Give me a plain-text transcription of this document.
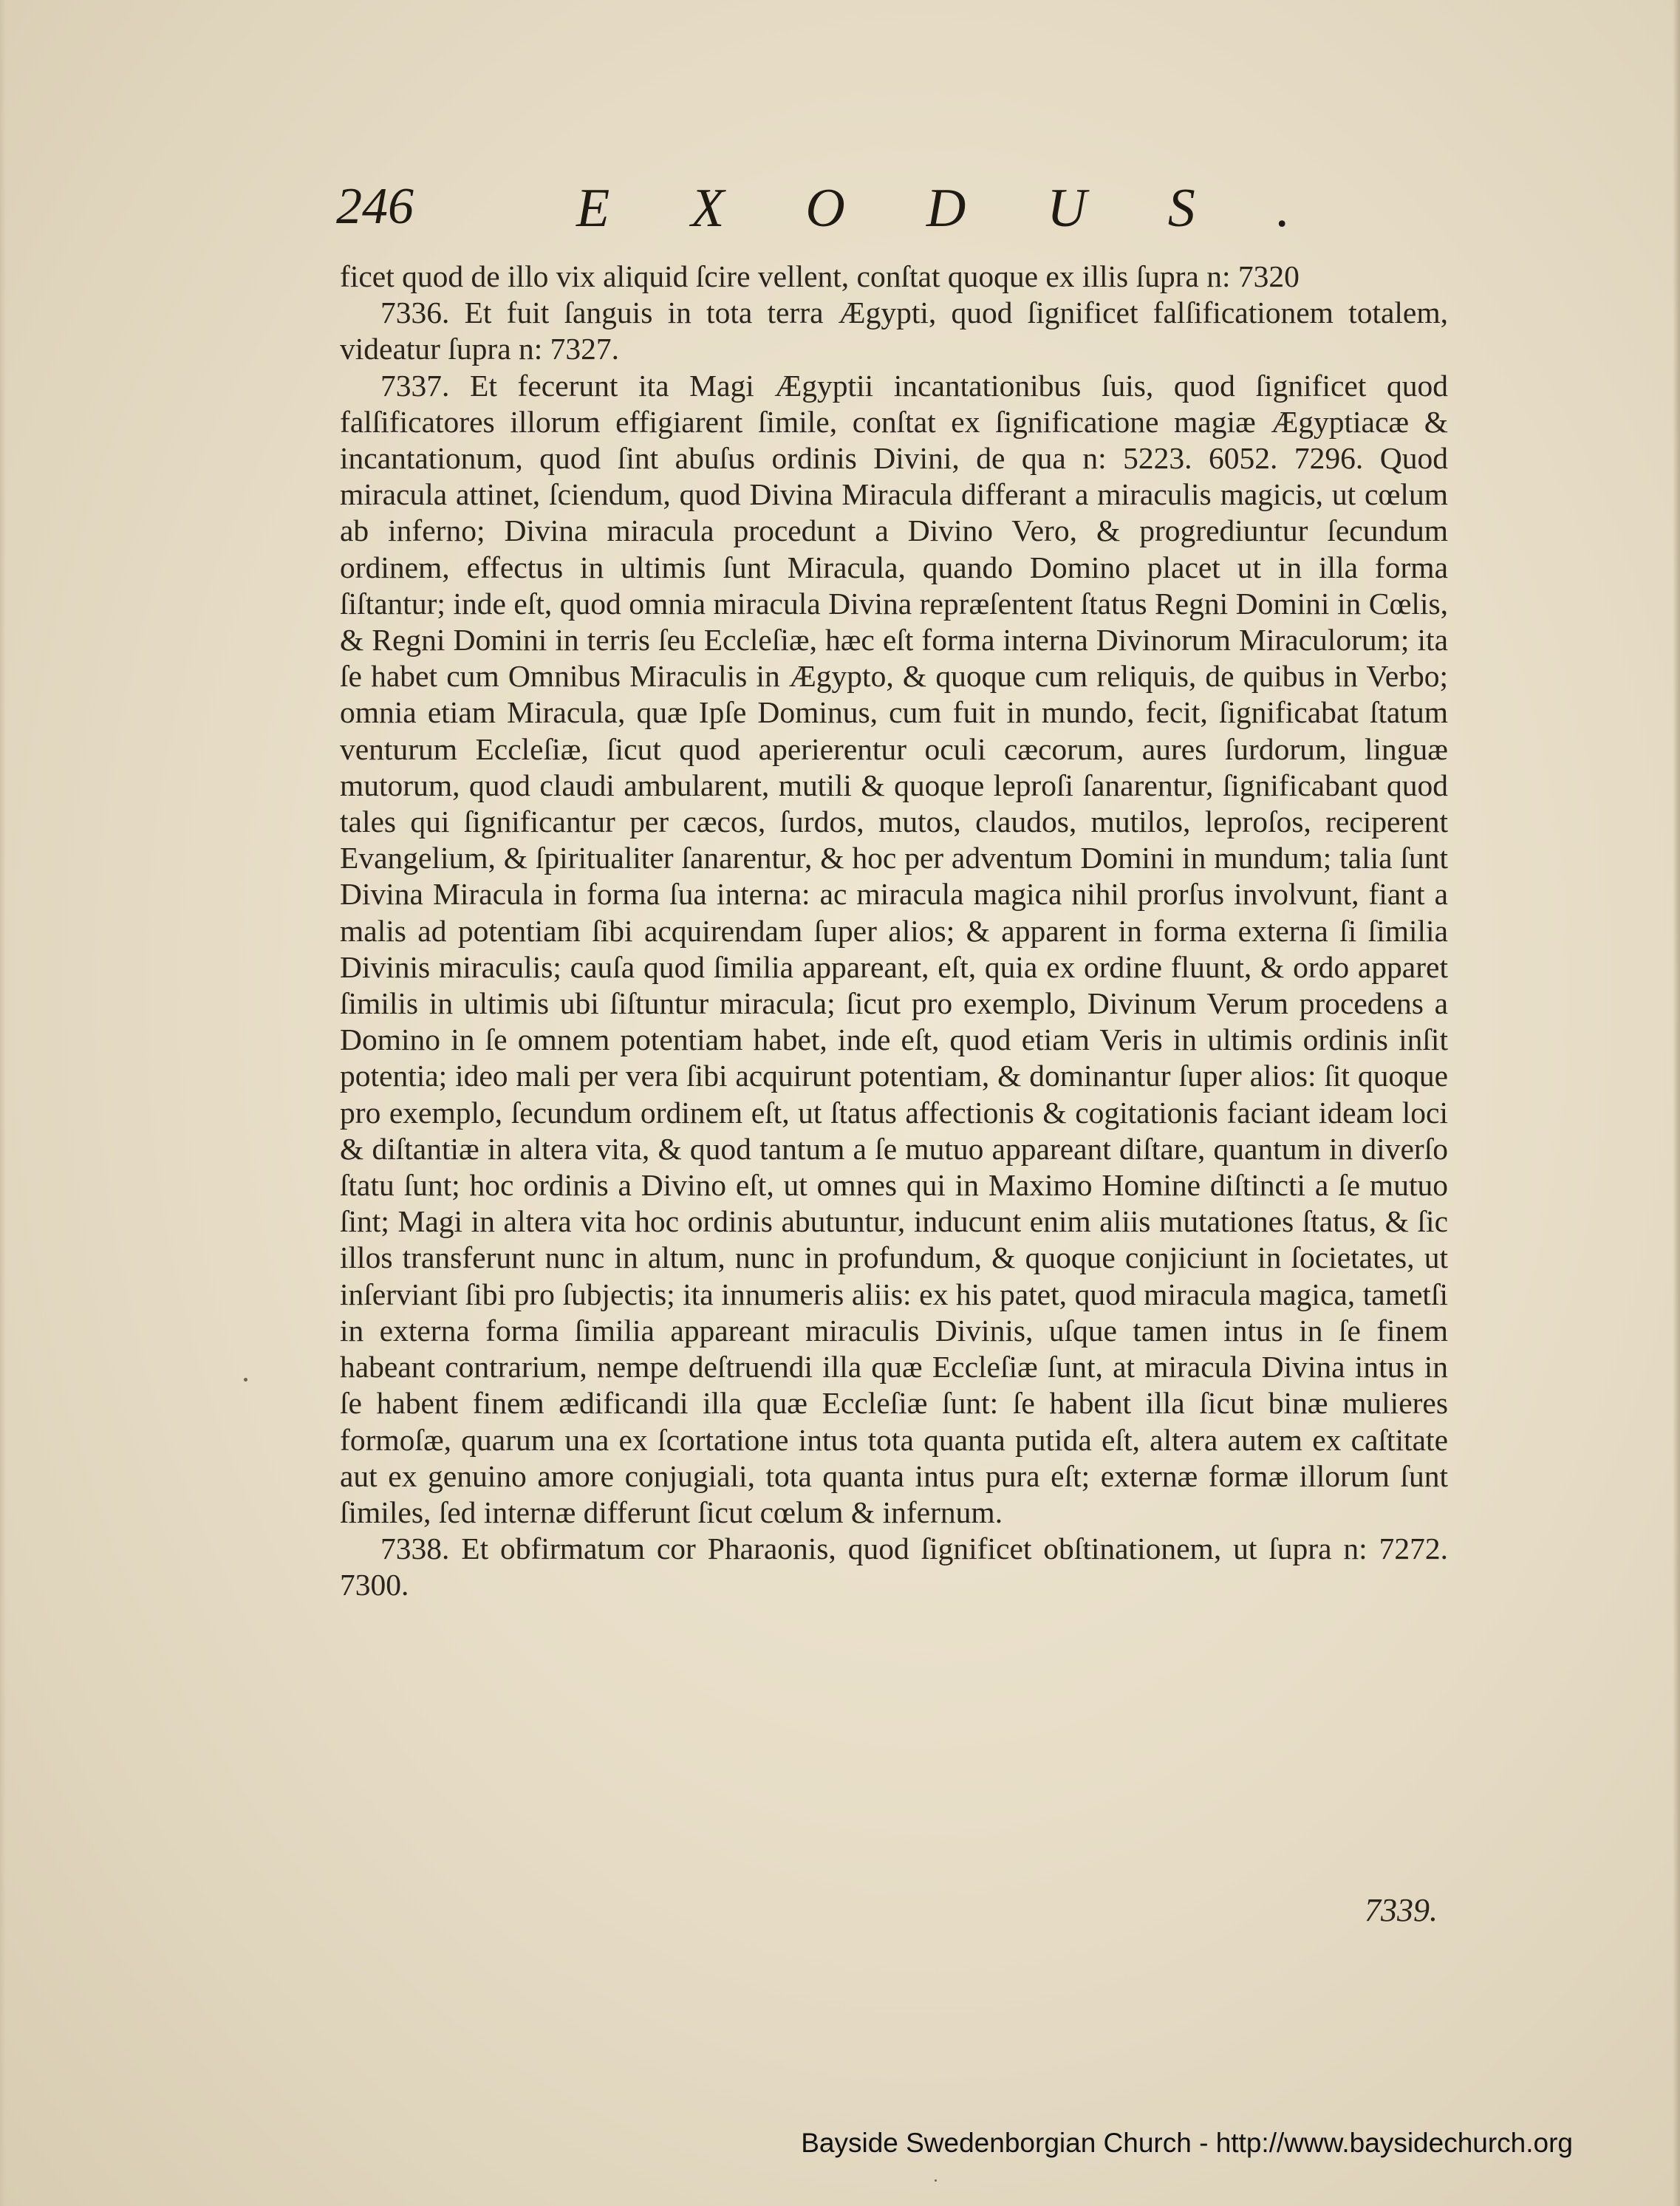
246	EXODUS.

ficet quod de illo vix aliquid ſcire vellent, conſtat quoque ex illis ſupra n: 7320

7336. Et fuit ſanguis in tota terra Ægypti, quod ſignificet falſificationem totalem, videatur ſupra n: 7327.

7337. Et fecerunt ita Magi Ægyptii incantationibus ſuis, quod ſignificet quod falſificatores illorum effigiarent ſimile, conſtat ex ſignificatione magiæ Ægyptiacæ & incantationum, quod ſint abuſus ordinis Divini, de qua n: 5223. 6052. 7296. Quod miracula attinet, ſciendum, quod Divina Miracula differant a miraculis magicis, ut cœlum ab inferno; Divina miracula procedunt a Divino Vero, & progrediuntur ſecundum ordinem, effectus in ultimis ſunt Miracula, quando Domino placet ut in illa forma ſiſtantur; inde eſt, quod omnia miracula Divina repræſentent ſtatus Regni Domini in Cœlis, & Regni Domini in terris ſeu Eccleſiæ, hæc eſt forma interna Divinorum Miraculorum; ita ſe habet cum Omnibus Miraculis in Ægypto, & quoque cum reliquis, de quibus in Verbo; omnia etiam Miracula, quæ Ipſe Dominus, cum fuit in mundo, fecit, ſignificabat ſtatum venturum Eccleſiæ, ſicut quod aperierentur oculi cæcorum, aures ſurdorum, linguæ mutorum, quod claudi ambularent, mutili & quoque leproſi ſanarentur, ſignificabant quod tales qui ſignificantur per cæcos, ſurdos, mutos, claudos, mutilos, leproſos, reciperent Evangelium, & ſpiritualiter ſanarentur, & hoc per adventum Domini in mundum; talia ſunt Divina Miracula in forma ſua interna: ac miracula magica nihil prorſus involvunt, fiant a malis ad potentiam ſibi acquirendam ſuper alios; & apparent in forma externa ſi ſimilia Divinis miraculis; cauſa quod ſimilia appareant, eſt, quia ex ordine fluunt, & ordo apparet ſimilis in ultimis ubi ſiſtuntur miracula; ſicut pro exemplo, Divinum Verum procedens a Domino in ſe omnem potentiam habet, inde eſt, quod etiam Veris in ultimis ordinis inſit potentia; ideo mali per vera ſibi acquirunt potentiam, & dominantur ſuper alios: ſit quoque pro exemplo, ſecundum ordinem eſt, ut ſtatus affectionis & cogitationis faciant ideam loci & diſtantiæ in altera vita, & quod tantum a ſe mutuo appareant diſtare, quantum in diverſo ſtatu ſunt; hoc ordinis a Divino eſt, ut omnes qui in Maximo Homine diſtincti a ſe mutuo ſint; Magi in altera vita hoc ordinis abutuntur, inducunt enim aliis mutationes ſtatus, & ſic illos transferunt nunc in altum, nunc in profundum, & quoque conjiciunt in ſocietates, ut inſerviant ſibi pro ſubjectis; ita innumeris aliis: ex his patet, quod miracula magica, tametſi in externa forma ſimilia appareant miraculis Divinis, uſque tamen intus in ſe finem habeant contrarium, nempe deſtruendi illa quæ Eccleſiæ ſunt, at miracula Divina intus in ſe habent finem ædificandi illa quæ Eccleſiæ ſunt: ſe habent illa ſicut binæ mulieres formoſæ, quarum una ex ſcortatione intus tota quanta putida eſt, altera autem ex caſtitate aut ex genuino amore conjugiali, tota quanta intus pura eſt; externæ formæ illorum ſunt ſimiles, ſed internæ differunt ſicut cœlum & infernum.

7338. Et obfirmatum cor Pharaonis, quod ſignificet obſtinationem, ut ſupra n: 7272. 7300.

7339.
Bayside Swedenborgian Church - http://www.baysidechurch.org
